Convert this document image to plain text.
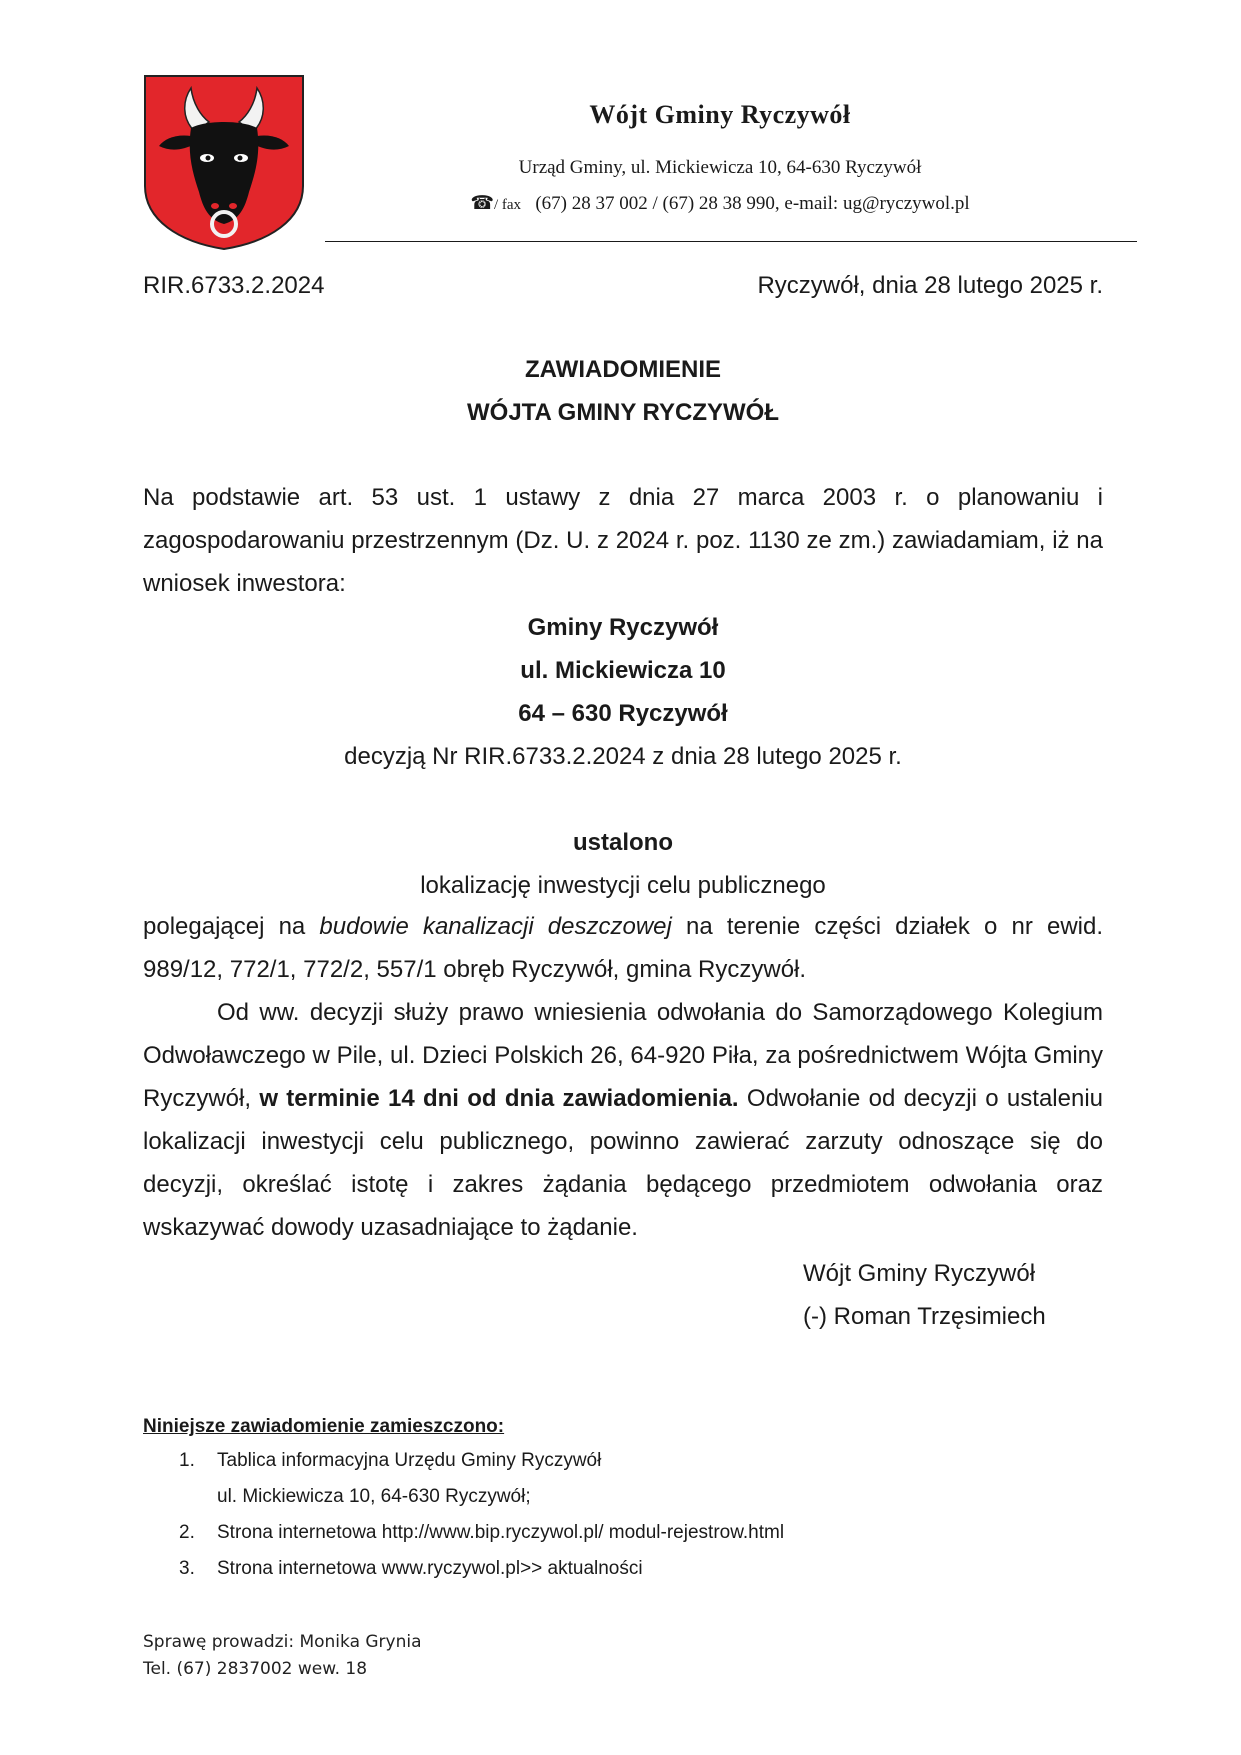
Wójt Gminy Ryczywół
Urząd Gminy, ul. Mickiewicza 10, 64-630 Ryczywół
☎/ fax (67) 28 37 002 / (67) 28 38 990, e-mail: ug@ryczywol.pl
RIR.6733.2.2024	Ryczywół, dnia 28 lutego 2025 r.
ZAWIADOMIENIE
WÓJTA GMINY RYCZYWÓŁ

Na podstawie art. 53 ust. 1 ustawy z dnia 27 marca 2003 r. o planowaniu i zagospodarowaniu przestrzennym (Dz. U. z 2024 r. poz. 1130 ze zm.) zawiadamiam, iż na wniosek inwestora:

Gminy Ryczywół
ul. Mickiewicza 10
64 – 630 Ryczywół
decyzją Nr RIR.6733.2.2024 z dnia 28 lutego 2025 r.
ustalono
lokalizację inwestycji celu publicznego

polegającej na budowie kanalizacji deszczowej na terenie części działek o nr ewid. 989/12, 772/1, 772/2, 557/1 obręb Ryczywół, gmina Ryczywół.

Od ww. decyzji służy prawo wniesienia odwołania do Samorządowego Kolegium Odwoławczego w Pile, ul. Dzieci Polskich 26, 64-920 Piła, za pośrednictwem Wójta Gminy Ryczywół, w terminie 14 dni od dnia zawiadomienia. Odwołanie od decyzji o ustaleniu lokalizacji inwestycji celu publicznego, powinno zawierać zarzuty odnoszące się do decyzji, określać istotę i zakres żądania będącego przedmiotem odwołania oraz wskazywać dowody uzasadniające to żądanie.

Wójt Gminy Ryczywół
(-) Roman Trzęsimiech
Niniejsze zawiadomienie zamieszczono:
1. Tablica informacyjna Urzędu Gminy Ryczywół
ul. Mickiewicza 10, 64-630 Ryczywół;
2. Strona internetowa http://www.bip.ryczywol.pl/ modul-rejestrow.html
3. Strona internetowa www.ryczywol.pl>> aktualności
Sprawę prowadzi: Monika Grynia
Tel. (67) 2837002 wew. 18
